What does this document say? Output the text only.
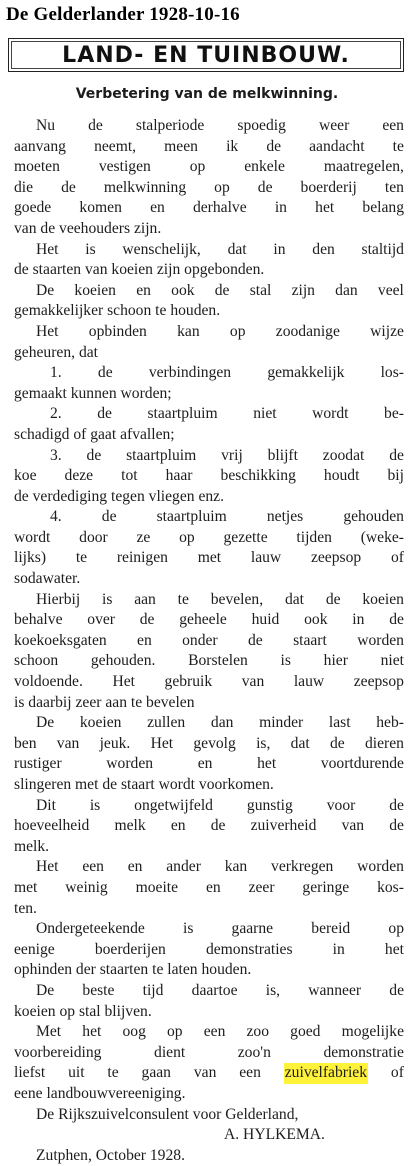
De Gelderlander 1928-10-16
LAND- EN TUINBOUW.
Verbetering van de melkwinning.
Nu de stalperiode spoedig weer een
aanvang neemt, meen ik de aandacht te
moeten vestigen op enkele maatregelen,
die de melkwinning op de boerderij ten
goede komen en derhalve in het belang
van de veehouders zijn.
Het is wenschelijk, dat in den staltijd
de staarten van koeien zijn opgebonden.
De koeien en ook de stal zijn dan veel
gemakkelijker schoon te houden.
Het opbinden kan op zoodanige wijze
geheuren, dat
1. de verbindingen gemakkelijk los-
gemaakt kunnen worden;
2. de staartpluim niet wordt be-
schadigd of gaat afvallen;
3. de staartpluim vrij blijft zoodat de
koe deze tot haar beschikking houdt bij
de verdediging tegen vliegen enz.
4.	de	staartpluim	netjes	gehouden
wordt door ze op gezette tijden (weke-
lijks) te reinigen met lauw zeepsop of
sodawater.
Hierbij is aan te bevelen, dat de koeien
behalve over de geheele huid ook in de
koekoeksgaten en onder de staart worden
schoon gehouden. Borstelen is hier niet
voldoende. Het gebruik van lauw zeepsop
is daarbij zeer aan te bevelen
De koeien zullen dan minder last heb-
ben van jeuk. Het gevolg is, dat de dieren
rustiger	worden	en	het	voortdurende
slingeren met de staart wordt voorkomen.
Dit is ongetwijfeld gunstig voor de
hoeveelheid melk en de zuiverheid van de
melk.
Het een en ander kan verkregen worden
met weinig moeite en zeer geringe kos-
ten.
Ondergeteekende is gaarne bereid op
eenige	boerderijen	demonstraties	in	het
ophinden der staarten te laten houden.
De beste tijd daartoe is, wanneer de
koeien op stal blijven.
Met het oog op een zoo goed mogelijke
voorbereiding	dient	zoo'n	demonstratie
liefst uit te gaan van een zuivelfabriek of
eene landbouwvereeniging.
De Rijkszuivelconsulent voor Gelderland,
A. HYLKEMA.
Zutphen, October 1928.
